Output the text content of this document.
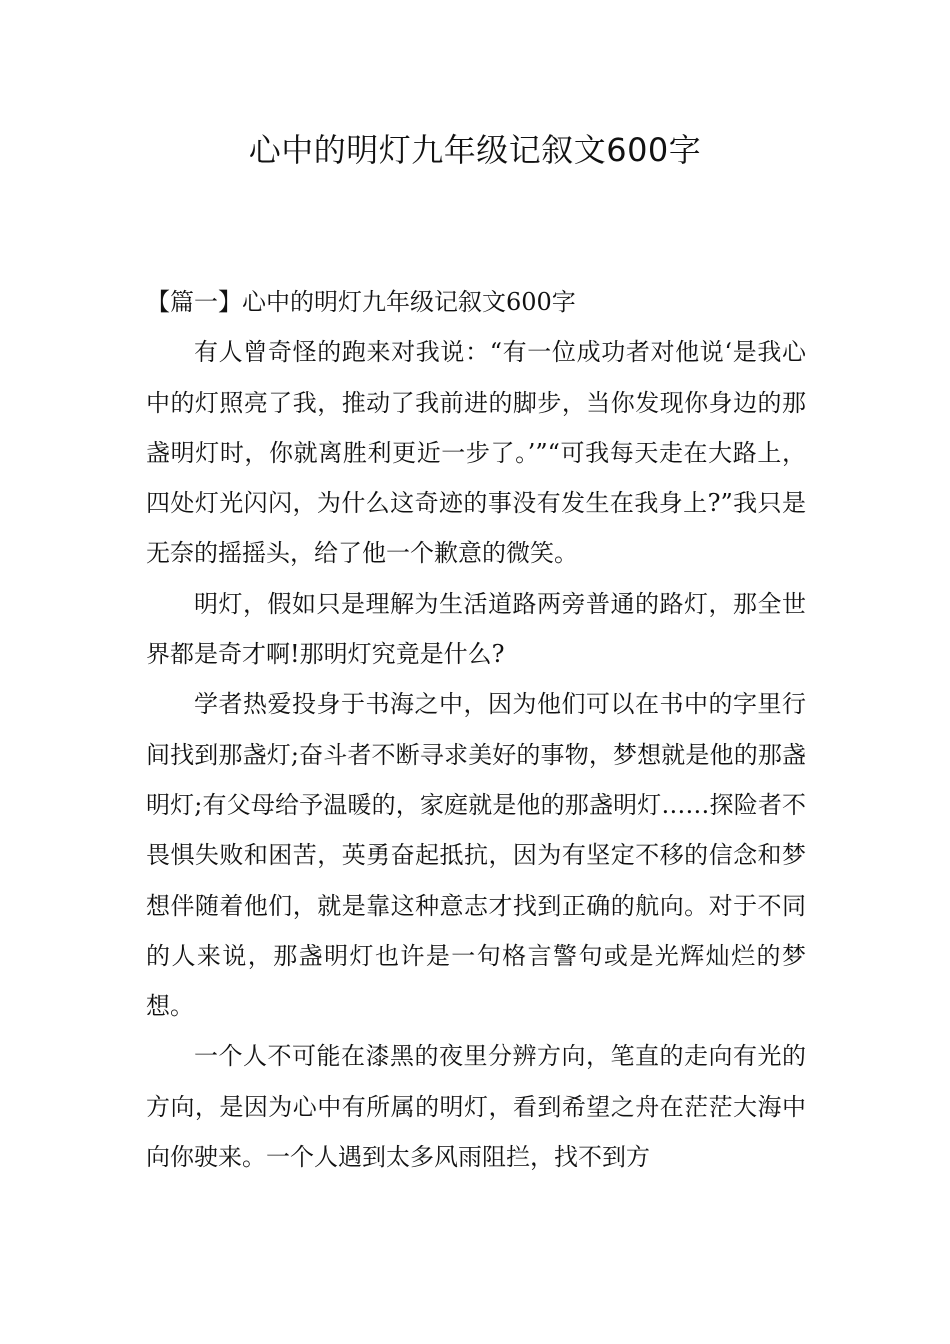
心中的明灯九年级记叙文600字

【篇一】心中的明灯九年级记叙文600字

有人曾奇怪的跑来对我说：“有一位成功者对他说‘是我心中的灯照亮了我，推动了我前进的脚步，当你发现你身边的那盏明灯时，你就离胜利更近一步了。’”“可我每天走在大路上，四处灯光闪闪，为什么这奇迹的事没有发生在我身上?”我只是无奈的摇摇头，给了他一个歉意的微笑。

明灯，假如只是理解为生活道路两旁普通的路灯，那全世界都是奇才啊!那明灯究竟是什么?

学者热爱投身于书海之中，因为他们可以在书中的字里行间找到那盏灯;奋斗者不断寻求美好的事物，梦想就是他的那盏明灯;有父母给予温暖的，家庭就是他的那盏明灯……探险者不畏惧失败和困苦，英勇奋起抵抗，因为有坚定不移的信念和梦想伴随着他们，就是靠这种意志才找到正确的航向。对于不同的人来说，那盏明灯也许是一句格言警句或是光辉灿烂的梦想。

一个人不可能在漆黑的夜里分辨方向，笔直的走向有光的方向，是因为心中有所属的明灯，看到希望之舟在茫茫大海中向你驶来。一个人遇到太多风雨阻拦，找不到方
